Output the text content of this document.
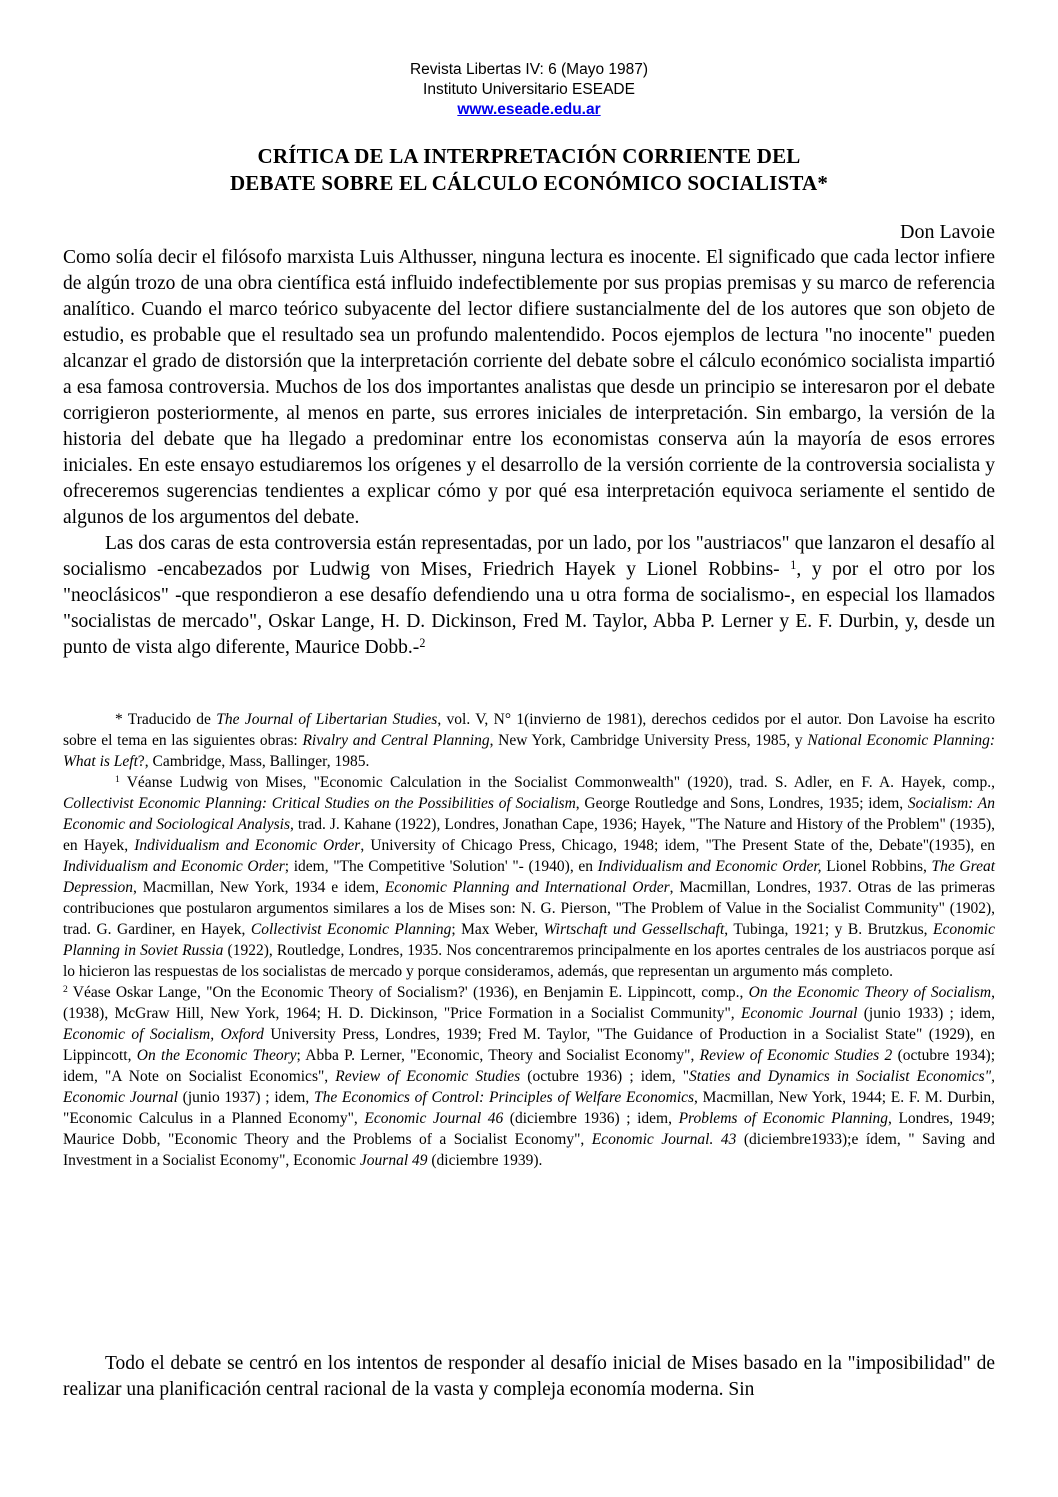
Revista Libertas IV: 6 (Mayo 1987)
Instituto Universitario ESEADE
www.eseade.edu.ar
CRÍTICA DE LA INTERPRETACIÓN CORRIENTE DEL
DEBATE SOBRE EL CÁLCULO ECONÓMICO SOCIALISTA*
Don Lavoie

Como solía decir el filósofo marxista Luis Althusser, ninguna lectura es inocente. El significado que cada lector infiere de algún trozo de una obra científica está influido indefectiblemente por sus propias premisas y su marco de referencia analítico. Cuando el marco teórico subyacente del lector difiere sustancialmente del de los autores que son objeto de estudio, es probable que el resultado sea un profundo malentendido. Pocos ejemplos de lectura "no inocente" pueden alcanzar el grado de distorsión que la interpretación corriente del debate sobre el cálculo económico socialista impartió a esa famosa controversia. Muchos de los dos importantes analistas que desde un principio se interesaron por el debate corrigieron posteriormente, al menos en parte, sus errores iniciales de interpretación. Sin embargo, la versión de la historia del debate que ha llegado a predominar entre los economistas conserva aún la mayoría de esos errores iniciales. En este ensayo estudiaremos los orígenes y el desarrollo de la versión corriente de la controversia socialista y ofreceremos sugerencias tendientes a explicar cómo y por qué esa interpretación equivoca seriamente el sentido de algunos de los argumentos del debate.

Las dos caras de esta controversia están representadas, por un lado, por los "austriacos" que lanzaron el desafío al socialismo -encabezados por Ludwig von Mises, Friedrich Hayek y Lionel Robbins- $^1$, y por el otro por los "neoclásicos" -que respondieron a ese desafío defendiendo una u otra forma de socialismo-, en especial los llamados "socialistas de mercado", Oskar Lange, H. D. Dickinson, Fred M. Taylor, Abba P. Lerner y E. F. Durbin, y, desde un punto de vista algo diferente, Maurice Dobb.-$^2$

* Traducido de The Journal of Libertarian Studies, vol. V, N° 1(invierno de 1981), derechos cedidos por el autor. Don Lavoise ha escrito sobre el tema en las siguientes obras: Rivalry and Central Planning, New York, Cambridge University Press, 1985, y National Economic Planning: What is Left?, Cambridge, Mass, Ballinger, 1985.

$^1$ Véanse Ludwig von Mises, "Economic Calculation in the Socialist Commonwealth" (1920), trad. S. Adler, en F. A. Hayek, comp., Collectivist Economic Planning: Critical Studies on the Possibilities of Socialism, George Routledge and Sons, Londres, 1935; idem, Socialism: An Economic and Sociological Analysis, trad. J. Kahane (1922), Londres, Jonathan Cape, 1936; Hayek, "The Nature and History of the Problem" (1935), en Hayek, Individualism and Economic Order, University of Chicago Press, Chicago, 1948; idem, "The Present State of the, Debate"(1935), en Individualism and Economic Order; idem, "The Competitive 'Solution' "- (1940), en Individualism and Economic Order, Lionel Robbins, The Great Depression, Macmillan, New York, 1934 e idem, Economic Planning and International Order, Macmillan, Londres, 1937. Otras de las primeras contribuciones que postularon argumentos similares a los de Mises son: N. G. Pierson, "The Problem of Value in the Socialist Community" (1902), trad. G. Gardiner, en Hayek, Collectivist Economic Planning; Max Weber, Wirtschaft und Gessellschaft, Tubinga, 1921; y B. Brutzkus, Economic Planning in Soviet Russia (1922), Routledge, Londres, 1935. Nos concentraremos principalmente en los aportes centrales de los austriacos porque así lo hicieron las respuestas de los socialistas de mercado y porque consideramos, además, que representan un argumento más completo.

$^2$ Véase Oskar Lange, "On the Economic Theory of Socialism?' (1936), en Benjamin E. Lippincott, comp., On the Economic Theory of Socialism, (1938), McGraw Hill, New York, 1964; H. D. Dickinson, "Price Formation in a Socialist Community", Economic Journal (junio 1933) ; idem, Economic of Socialism, Oxford University Press, Londres, 1939; Fred M. Taylor, "The Guidance of Production in a Socialist State" (1929), en Lippincott, On the Economic Theory; Abba P. Lerner, "Economic, Theory and Socialist Economy", Review of Economic Studies 2 (octubre 1934); idem, "A Note on Socialist Economics", Review of Economic Studies (octubre 1936) ; idem, "Staties and Dynamics in Socialist Economics", Economic Journal (junio 1937) ; idem, The Economics of Control: Principles of Welfare Economics, Macmillan, New York, 1944; E. F. M. Durbin, "Economic Calculus in a Planned Economy", Economic Journal 46 (diciembre 1936) ; idem, Problems of Economic Planning, Londres, 1949; Maurice Dobb, "Economic Theory and the Problems of a Socialist Economy", Economic Journal. 43 (diciembre1933);e ídem, " Saving and Investment in a Socialist Economy", Economic Journal 49 (diciembre 1939).

Todo el debate se centró en los intentos de responder al desafío inicial de Mises basado en la "imposibilidad" de realizar una planificación central racional de la vasta y compleja economía moderna. Sin
